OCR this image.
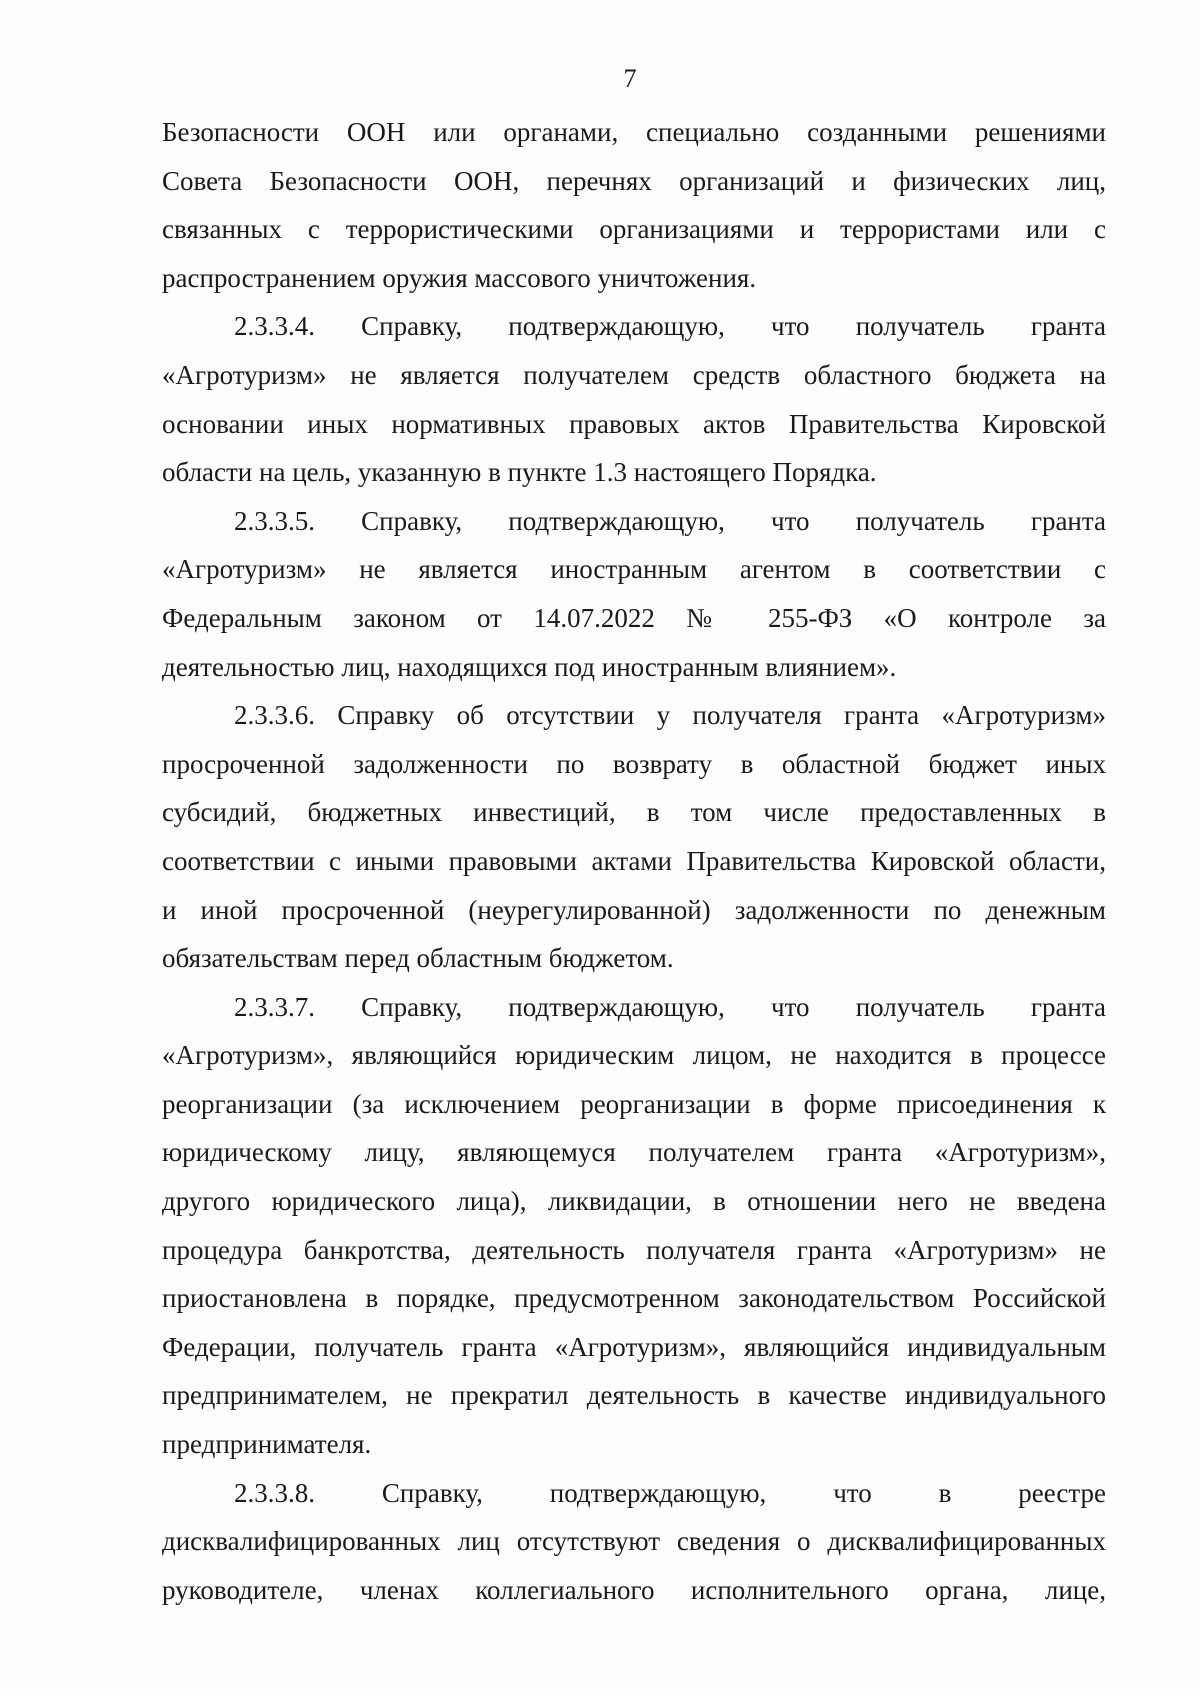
7

Безопасности ООН или органами, специально созданными решениями
Совета Безопасности ООН, перечнях организаций и физических лиц,
связанных с террористическими организациями и террористами или с
распространением оружия массового уничтожения.

2.3.3.4. Справку, подтверждающую, что получатель гранта
«Агротуризм» не является получателем средств областного бюджета на
основании иных нормативных правовых актов Правительства Кировской
области на цель, указанную в пункте 1.3 настоящего Порядка.

2.3.3.5. Справку, подтверждающую, что получатель гранта
«Агротуризм» не является иностранным агентом в соответствии с
Федеральным законом от 14.07.2022 № 255-ФЗ «О контроле за
деятельностью лиц, находящихся под иностранным влиянием».

2.3.3.6. Справку об отсутствии у получателя гранта «Агротуризм»
просроченной задолженности по возврату в областной бюджет иных
субсидий, бюджетных инвестиций, в том числе предоставленных в
соответствии с иными правовыми актами Правительства Кировской области,
и иной просроченной (неурегулированной) задолженности по денежным
обязательствам перед областным бюджетом.

2.3.3.7. Справку, подтверждающую, что получатель гранта
«Агротуризм», являющийся юридическим лицом, не находится в процессе
реорганизации (за исключением реорганизации в форме присоединения к
юридическому лицу, являющемуся получателем гранта «Агротуризм»,
другого юридического лица), ликвидации, в отношении него не введена
процедура банкротства, деятельность получателя гранта «Агротуризм» не
приостановлена в порядке, предусмотренном законодательством Российской
Федерации, получатель гранта «Агротуризм», являющийся индивидуальным
предпринимателем, не прекратил деятельность в качестве индивидуального
предпринимателя.

2.3.3.8. Справку, подтверждающую, что в реестре
дисквалифицированных лиц отсутствуют сведения о дисквалифицированных
руководителе, членах коллегиального исполнительного органа, лице,
